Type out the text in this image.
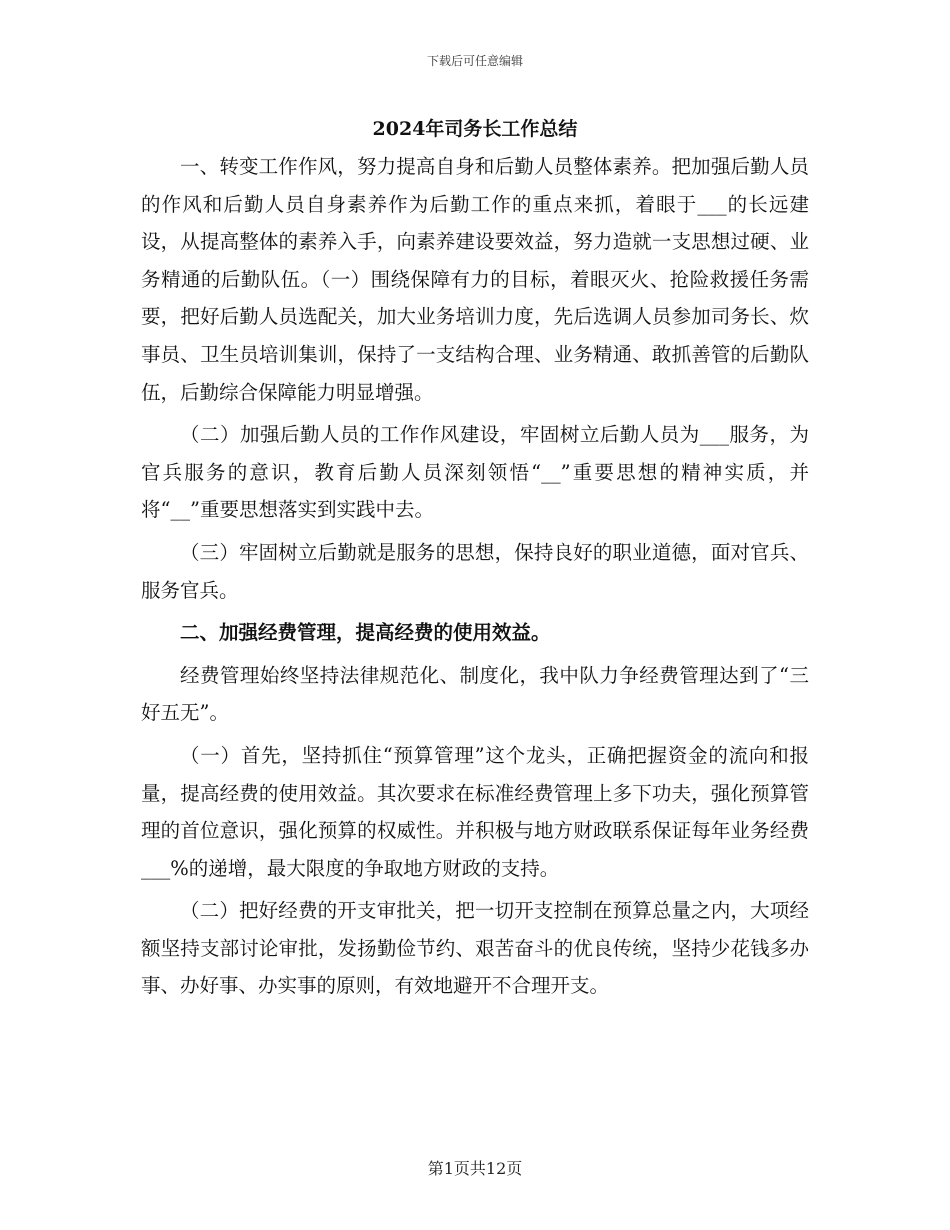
下载后可任意编辑
2024年司务长工作总结

一、转变工作作风，努力提高自身和后勤人员整体素养。把加强后勤人员的作风和后勤人员自身素养作为后勤工作的重点来抓，着眼于___的长远建设，从提高整体的素养入手，向素养建设要效益，努力造就一支思想过硬、业务精通的后勤队伍。（一）围绕保障有力的目标，着眼灭火、抢险救援任务需要，把好后勤人员选配关，加大业务培训力度，先后选调人员参加司务长、炊事员、卫生员培训集训，保持了一支结构合理、业务精通、敢抓善管的后勤队伍，后勤综合保障能力明显增强。

（二）加强后勤人员的工作作风建设，牢固树立后勤人员为___服务，为官兵服务的意识，教育后勤人员深刻领悟“__”重要思想的精神实质，并将“__”重要思想落实到实践中去。

（三）牢固树立后勤就是服务的思想，保持良好的职业道德，面对官兵、服务官兵。

二、加强经费管理，提高经费的使用效益。

经费管理始终坚持法律规范化、制度化，我中队力争经费管理达到了“三好五无”。

（一）首先，坚持抓住“预算管理”这个龙头，正确把握资金的流向和报量，提高经费的使用效益。其次要求在标准经费管理上多下功夫，强化预算管理的首位意识，强化预算的权威性。并积极与地方财政联系保证每年业务经费___%的递增，最大限度的争取地方财政的支持。

（二）把好经费的开支审批关，把一切开支控制在预算总量之内，大项经额坚持支部讨论审批，发扬勤俭节约、艰苦奋斗的优良传统，坚持少花钱多办事、办好事、办实事的原则，有效地避开不合理开支。

第1页共12页
